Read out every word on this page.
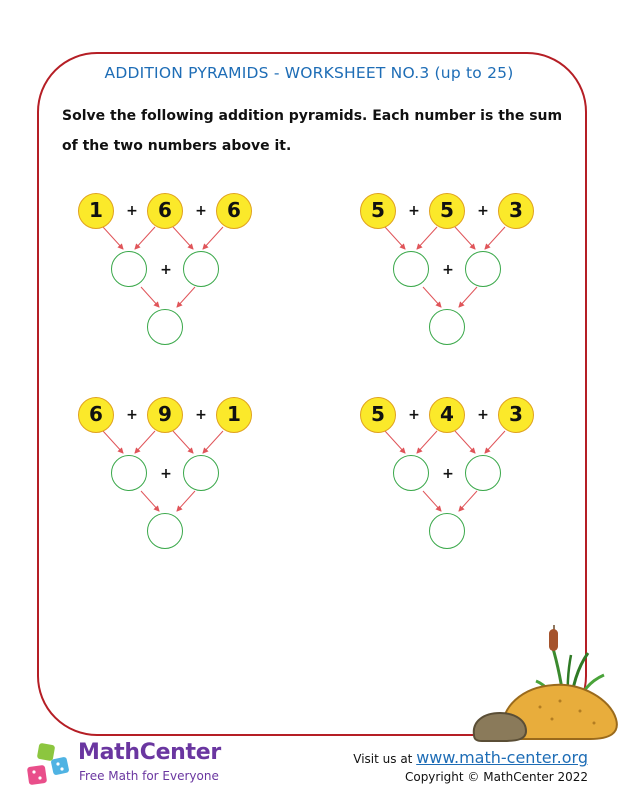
ADDITION PYRAMIDS - WORKSHEET NO.3 (up to 25)
Solve the following addition pyramids. Each number is the sum of the two numbers above it.
1	+	6	+	6
+
5	+	5	+	3
+
6	+	9	+	1
+
5	+	4	+	3
+
MathCenter
Free Math for Everyone
Visit us at www.math-center.org
Copyright © MathCenter 2022
